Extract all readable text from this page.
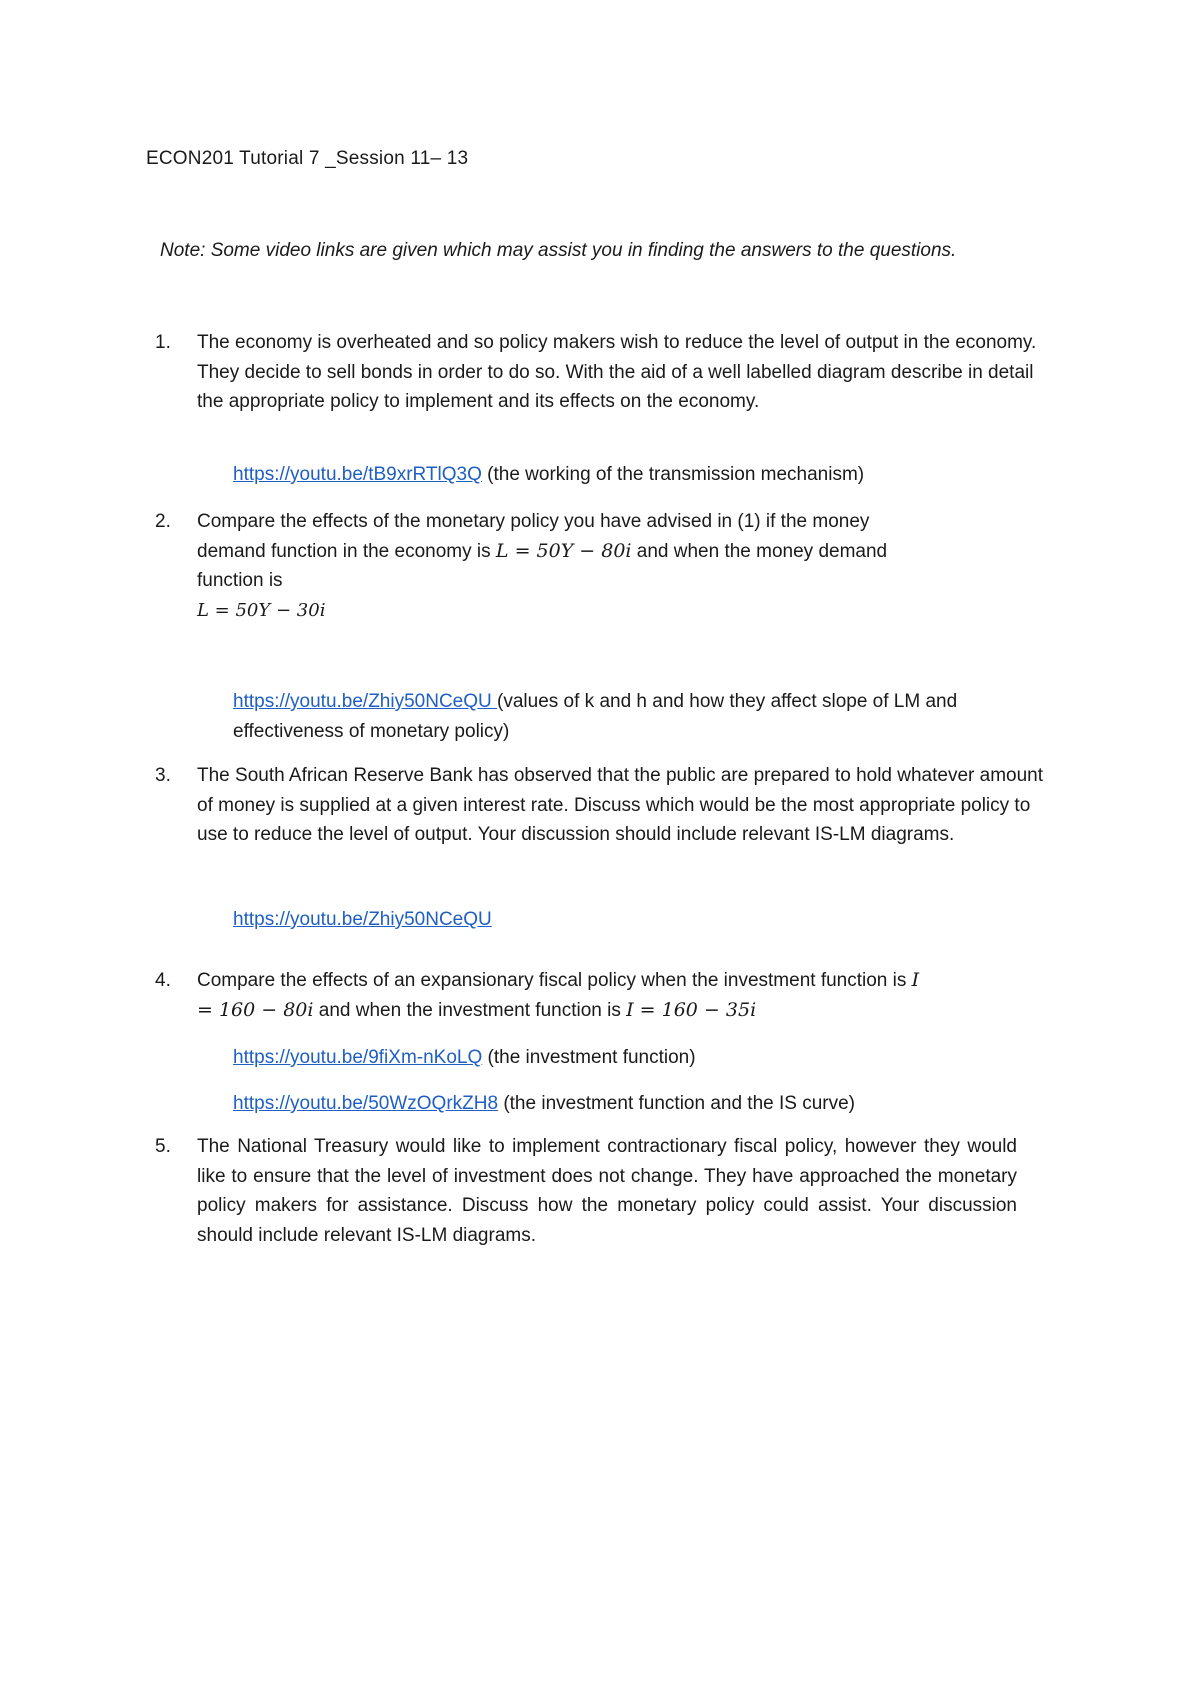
ECON201 Tutorial 7 _Session 11– 13
Note: Some video links are given which may assist you in finding the answers to the questions.
1.	The economy is overheated and so policy makers wish to reduce the level of output in the economy. They decide to sell bonds in order to do so. With the aid of a well labelled diagram describe in detail the appropriate policy to implement and its effects on the economy.
https://youtu.be/tB9xrRTlQ3Q (the working of the transmission mechanism)
2.	Compare the effects of the monetary policy you have advised in (1) if the money demand function in the economy is L = 50Y − 80i and when the money demand function is
L = 50Y − 30i
https://youtu.be/Zhiy50NCeQU (values of k and h and how they affect slope of LM and effectiveness of monetary policy)
3.	The South African Reserve Bank has observed that the public are prepared to hold whatever amount of money is supplied at a given interest rate. Discuss which would be the most appropriate policy to use to reduce the level of output. Your discussion should include relevant IS-LM diagrams.
https://youtu.be/Zhiy50NCeQU
4.	Compare the effects of an expansionary fiscal policy when the investment function is I
= 160 − 80i and when the investment function is I = 160 − 35i
https://youtu.be/9fiXm-nKoLQ (the investment function)
https://youtu.be/50WzOQrkZH8 (the investment function and the IS curve)
5.	The National Treasury would like to implement contractionary fiscal policy, however they would like to ensure that the level of investment does not change. They have approached the monetary policy makers for assistance. Discuss how the monetary policy could assist. Your discussion should include relevant IS-LM diagrams.
